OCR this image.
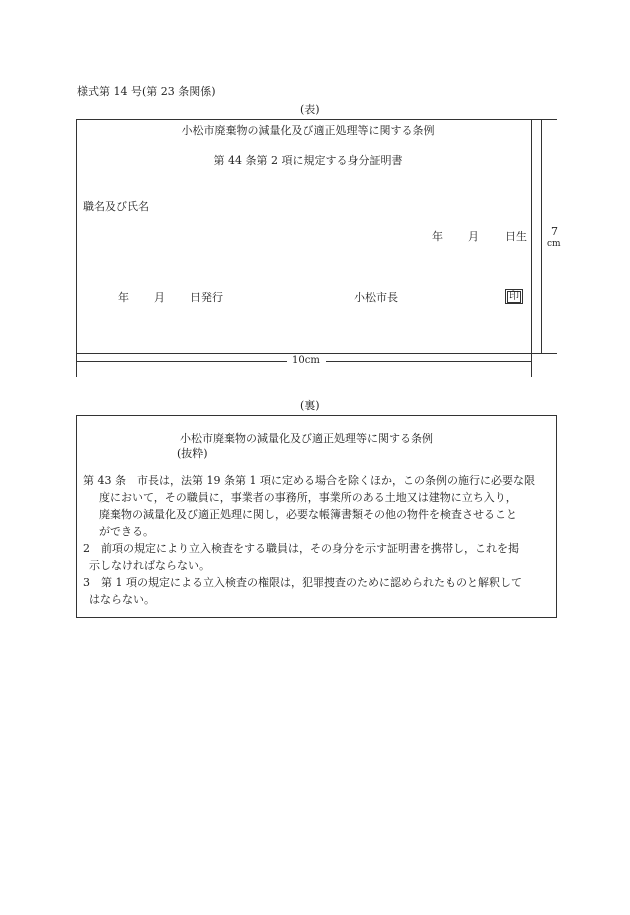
様式第 14 号(第 23 条関係)
(表)
小松市廃棄物の減量化及び適正処理等に関する条例
第 44 条第 2 項に規定する身分証明書
職名及び氏名
年 月 日生 7
cm
年 月 日発行	小松市長	印
10cm
(裏)
小松市廃棄物の減量化及び適正処理等に関する条例
(抜粋)
第 43 条　市長は，法第 19 条第 1 項に定める場合を除くほか，この条例の施行に必要な限
度において，その職員に，事業者の事務所，事業所のある土地又は建物に立ち入り，
廃棄物の減量化及び適正処理に関し，必要な帳簿書類その他の物件を検査させること
ができる。
2　前項の規定により立入検査をする職員は，その身分を示す証明書を携帯し，これを掲
示しなければならない。
3　第 1 項の規定による立入検査の権限は，犯罪捜査のために認められたものと解釈して
はならない。
